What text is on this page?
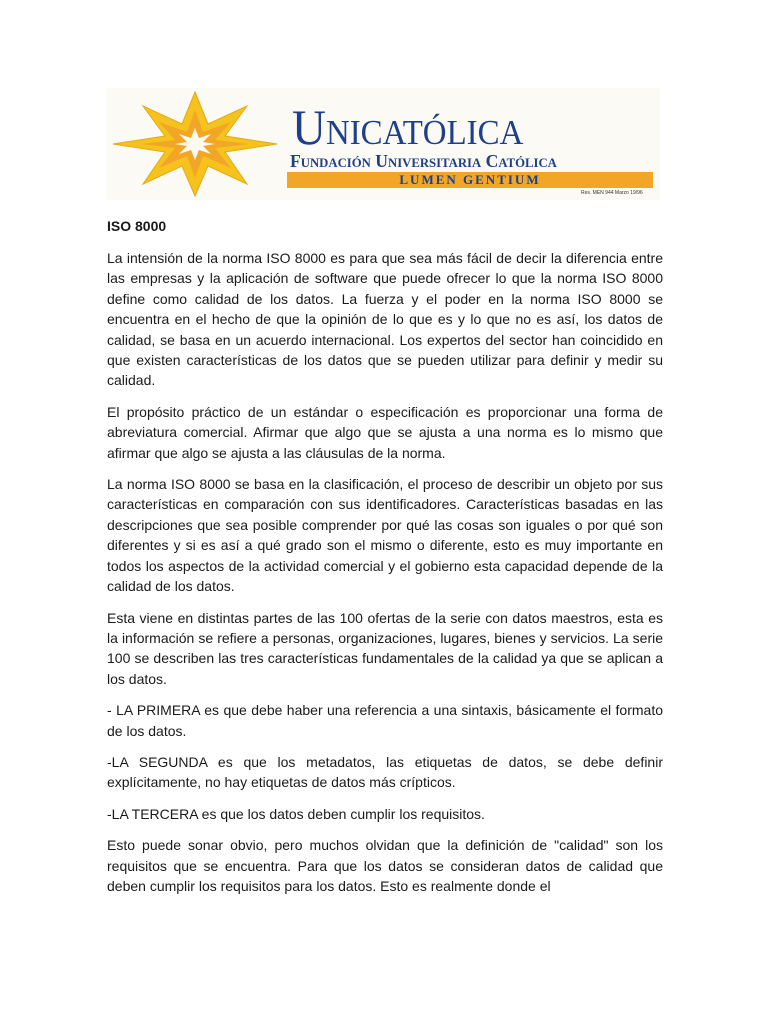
Unicatólica
Fundación Universitaria Católica
LUMEN GENTIUM
Res. MEN 944 Marzo 19/96
ISO 8000

La intensión de la norma ISO 8000 es para que sea más fácil de decir la diferencia entre las empresas y la aplicación de software que puede ofrecer lo que la norma ISO 8000 define como calidad de los datos. La fuerza y el poder en la norma ISO 8000 se encuentra en el hecho de que la opinión de lo que es y lo que no es así, los datos de calidad, se basa en un acuerdo internacional. Los expertos del sector han coincidido en que existen características de los datos que se pueden utilizar para definir y medir su calidad.

El propósito práctico de un estándar o especificación es proporcionar una forma de abreviatura comercial. Afirmar que algo que se ajusta a una norma es lo mismo que afirmar que algo se ajusta a las cláusulas de la norma.

La norma ISO 8000 se basa en la clasificación, el proceso de describir un objeto por sus características en comparación con sus identificadores. Características basadas en las descripciones que sea posible comprender por qué las cosas son iguales o por qué son diferentes y si es así a qué grado son el mismo o diferente, esto es muy importante en todos los aspectos de la actividad comercial y el gobierno esta capacidad depende de la calidad de los datos.

Esta viene en distintas partes de las 100 ofertas de la serie con datos maestros, esta es la información se refiere a personas, organizaciones, lugares, bienes y servicios. La serie 100 se describen las tres características fundamentales de la calidad ya que se aplican a los datos.

- LA PRIMERA es que debe haber una referencia a una sintaxis, básicamente el formato de los datos.

-LA SEGUNDA es que los metadatos, las etiquetas de datos, se debe definir explícitamente, no hay etiquetas de datos más crípticos.

-LA TERCERA es que los datos deben cumplir los requisitos.

Esto puede sonar obvio, pero muchos olvidan que la definición de "calidad" son los requisitos que se encuentra. Para que los datos se consideran datos de calidad que deben cumplir los requisitos para los datos. Esto es realmente donde el
